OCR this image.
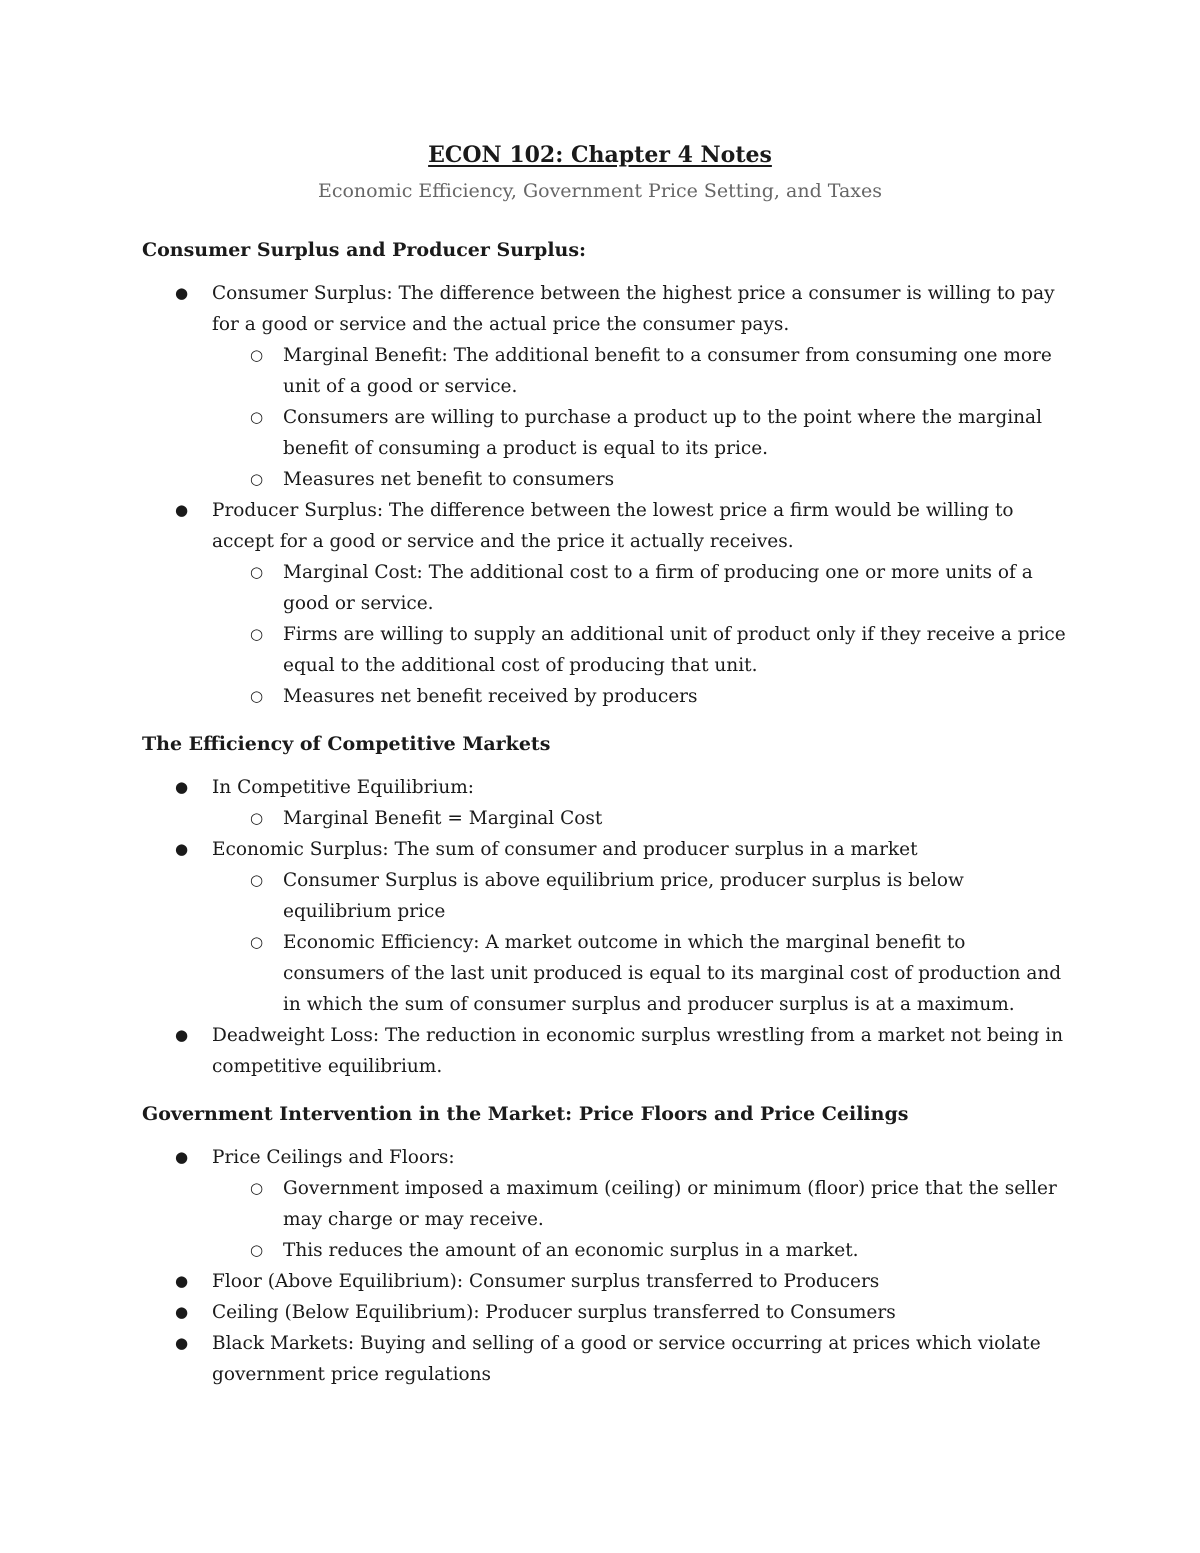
ECON 102: Chapter 4 Notes

Economic Efficiency, Government Price Setting, and Taxes

Consumer Surplus and Producer Surplus:
● Consumer Surplus: The difference between the highest price a consumer is willing to pay for a good or service and the actual price the consumer pays.
○ Marginal Benefit: The additional benefit to a consumer from consuming one more unit of a good or service.
○ Consumers are willing to purchase a product up to the point where the marginal benefit of consuming a product is equal to its price.
○ Measures net benefit to consumers
● Producer Surplus: The difference between the lowest price a firm would be willing to accept for a good or service and the price it actually receives.
○ Marginal Cost: The additional cost to a firm of producing one or more units of a good or service.
○ Firms are willing to supply an additional unit of product only if they receive a price equal to the additional cost of producing that unit.
○ Measures net benefit received by producers
The Efficiency of Competitive Markets
● In Competitive Equilibrium:
○ Marginal Benefit = Marginal Cost
● Economic Surplus: The sum of consumer and producer surplus in a market
○ Consumer Surplus is above equilibrium price, producer surplus is below equilibrium price
○ Economic Efficiency: A market outcome in which the marginal benefit to consumers of the last unit produced is equal to its marginal cost of production and in which the sum of consumer surplus and producer surplus is at a maximum.
● Deadweight Loss: The reduction in economic surplus wrestling from a market not being in competitive equilibrium.
Government Intervention in the Market: Price Floors and Price Ceilings
● Price Ceilings and Floors:
○ Government imposed a maximum (ceiling) or minimum (floor) price that the seller may charge or may receive.
○ This reduces the amount of an economic surplus in a market.
● Floor (Above Equilibrium): Consumer surplus transferred to Producers
● Ceiling (Below Equilibrium): Producer surplus transferred to Consumers
● Black Markets: Buying and selling of a good or service occurring at prices which violate government price regulations
